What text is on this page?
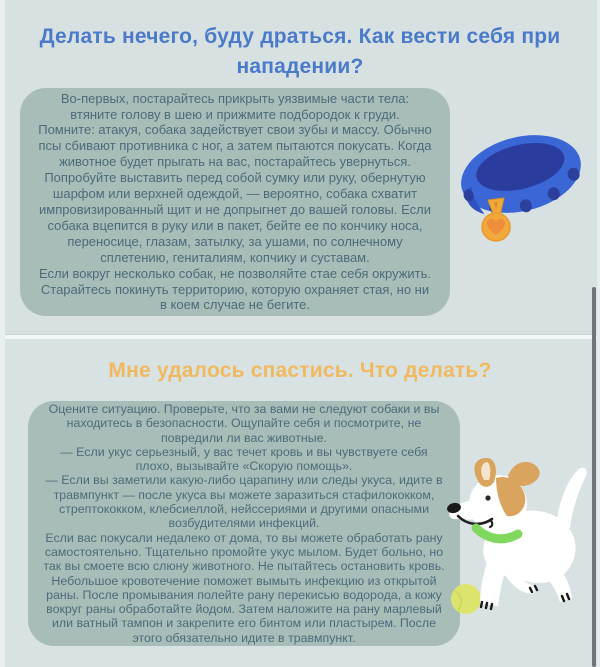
Делать нечего, буду драться. Как вести себя при нападении?

Во-первых, постарайтесь прикрыть уязвимые части тела: втяните голову в шею и прижмите подбородок к груди.

Помните: атакуя, собака задействует свои зубы и массу. Обычно псы сбивают противника с ног, а затем пытаются покусать. Когда животное будет прыгать на вас, постарайтесь увернуться.

Попробуйте выставить перед собой сумку или руку, обернутую шарфом или верхней одеждой, — вероятно, собака схватит импровизированный щит и не допрыгнет до вашей головы. Если собака вцепится в руку или в пакет, бейте ее по кончику носа, переносице, глазам, затылку, за ушами, по солнечному сплетению, гениталиям, копчику и суставам.

Если вокруг несколько собак, не позволяйте стае себя окружить. Старайтесь покинуть территорию, которую охраняет стая, но ни в коем случае не бегите.

Мне удалось спастись. Что делать?

Оцените ситуацию. Проверьте, что за вами не следуют собаки и вы находитесь в безопасности. Ощупайте себя и посмотрите, не повредили ли вас животные.

— Если укус серьезный, у вас течет кровь и вы чувствуете себя плохо, вызывайте «Скорую помощь».

— Если вы заметили какую-либо царапину или следы укуса, идите в травмпункт — после укуса вы можете заразиться стафилококком, стрептококком, клебсиеллой, нейссериями и другими опасными возбудителями инфекций.

Если вас покусали недалеко от дома, то вы можете обработать рану самостоятельно. Тщательно промойте укус мылом. Будет больно, но так вы смоете всю слюну животного. Не пытайтесь остановить кровь. Небольшое кровотечение поможет вымыть инфекцию из открытой раны. После промывания полейте рану перекисью водорода, а кожу вокруг раны обработайте йодом. Затем наложите на рану марлевый или ватный тампон и закрепите его бинтом или пластырем. После этого обязательно идите в травмпункт.
